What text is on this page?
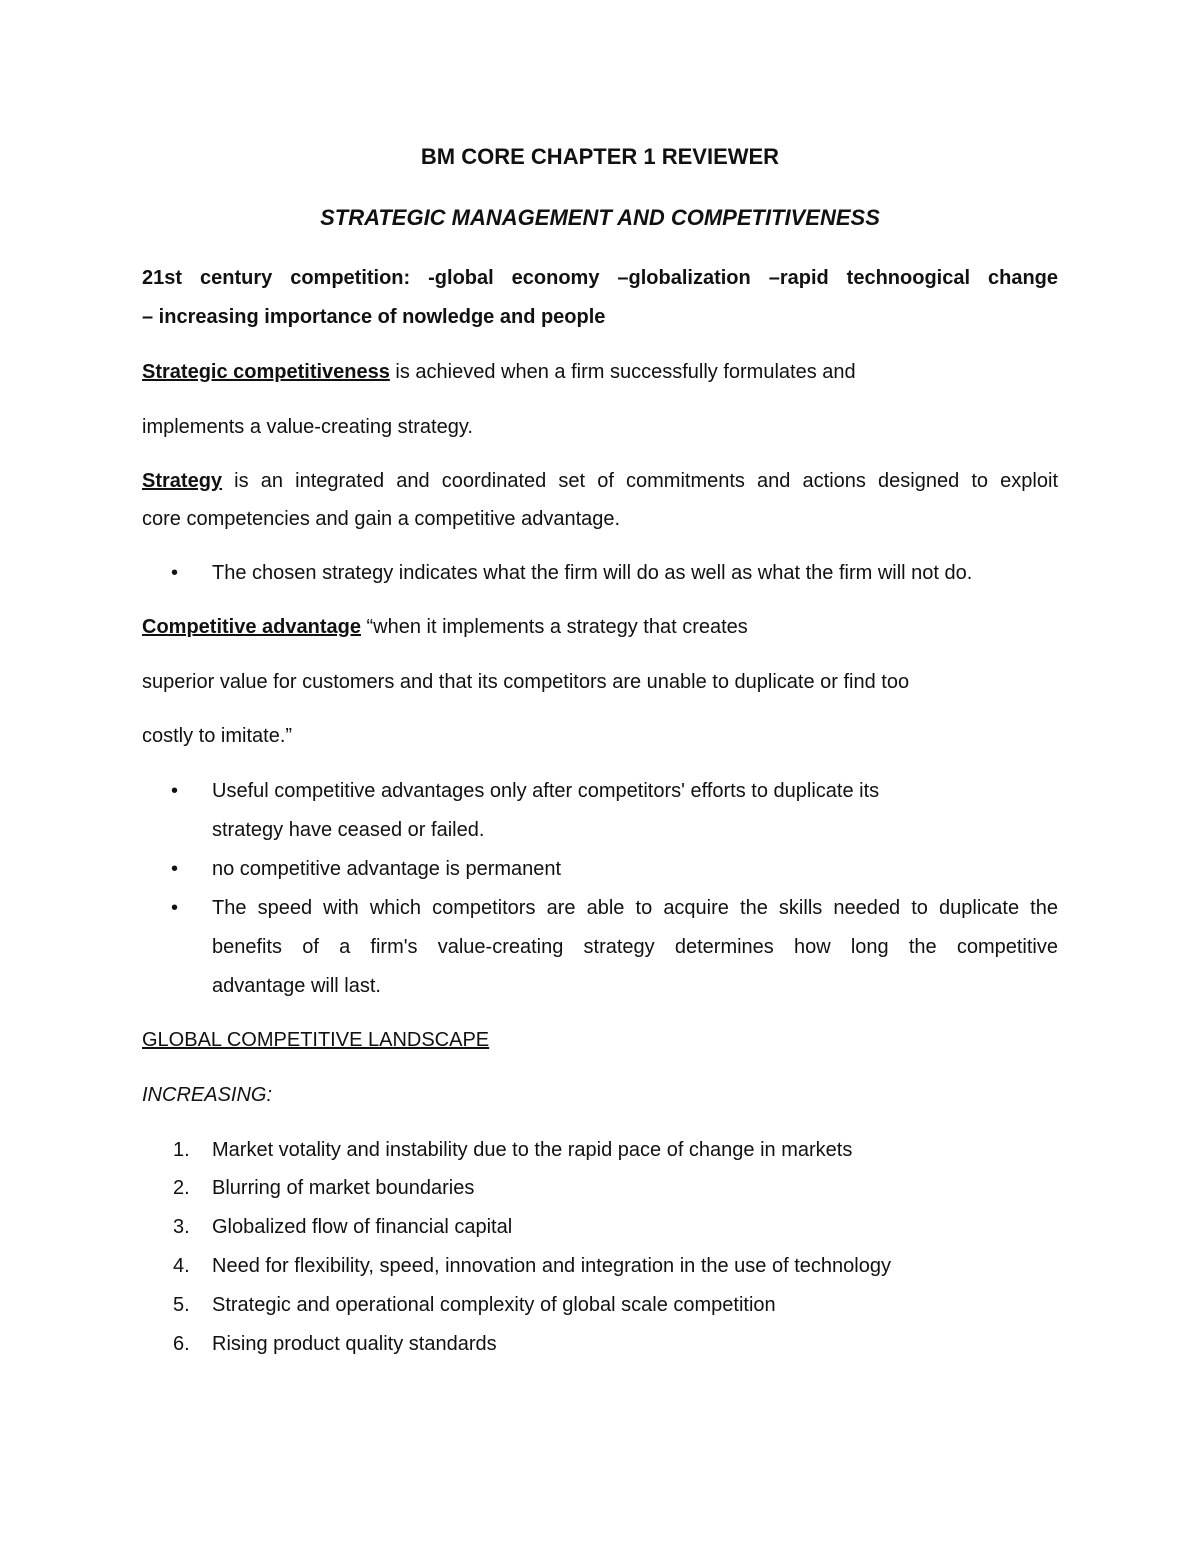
BM CORE CHAPTER 1 REVIEWER
STRATEGIC MANAGEMENT AND COMPETITIVENESS
21st century competition: -global economy –globalization –rapid technoogical change
– increasing importance of nowledge and people
Strategic competitiveness is achieved when a firm successfully formulates and
implements a value-creating strategy.
Strategy is an integrated and coordinated set of commitments and actions designed to exploit
core competencies and gain a competitive advantage.
•	The chosen strategy indicates what the firm will do as well as what the firm will not do.
Competitive advantage “when it implements a strategy that creates
superior value for customers and that its competitors are unable to duplicate or find too
costly to imitate.”
•	Useful competitive advantages only after competitors' efforts to duplicate its
strategy have ceased or failed.
•	no competitive advantage is permanent
•	The speed with which competitors are able to acquire the skills needed to duplicate the
benefits of a firm's value-creating strategy determines how long the competitive
advantage will last.
GLOBAL COMPETITIVE LANDSCAPE
INCREASING:
1.	Market votality and instability due to the rapid pace of change in markets
2.	Blurring of market boundaries
3.	Globalized flow of financial capital
4.	Need for flexibility, speed, innovation and integration in the use of technology
5.	Strategic and operational complexity of global scale competition
6.	Rising product quality standards
